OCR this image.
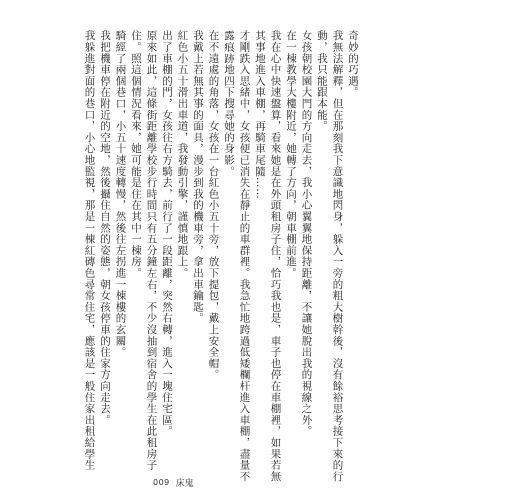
奇妙的巧遇。

我無法解釋，但在那刻我下意識地閃身，躲入一旁的粗大樹幹後，沒有餘裕思考接下來的行

動，我只能跟本能。

女孩朝校園大門的方向走去，我小心翼翼地保持距離，不讓她脫出我的視線之外。

在一棟教學大樓附近，她轉了方向，朝車棚前進。

我在心中快速盤算，看來她是在外頭租房子住，恰巧我也是，車子也停在車棚裡，如果若無

其事地進入車棚，再騎車尾隨……

才剛跌入思緒中，女孩便已消失在靜止的車群裡。我急忙地跨過低矮欄杆進入車棚，盡量不

露痕跡地四下搜尋她的身影。

在不遠處的角落，女孩在一台紅色小五十旁，放下提包，戴上安全帽。

我戴上若無其事的面具，漫步到我的機車旁，拿出車鑰匙。

紅色小五十滑出車道，我發動引擎，謹慎地跟上。

出了車棚的門，女孩往右方騎去，前行了一段距離，突然右轉，進入一塊住宅區。

原來如此，這條街距離學校步行時間只有五分鐘左右，不少沒抽到宿舍的學生在此租房子

住。照這個情況看來，她可能是住在其中一棟房。

騎經了兩個巷口，小五十速度轉慢，然後往左拐進一棟樓的玄關。

我把機車停在附近的空地，然後攝住自然的姿態，朝女孩停車的住家方向走去。

我躲進對面的巷口，小心地監視，那是一棟紅磚色尋常住宅，應該是一般住家出租給學生

009 床鬼
